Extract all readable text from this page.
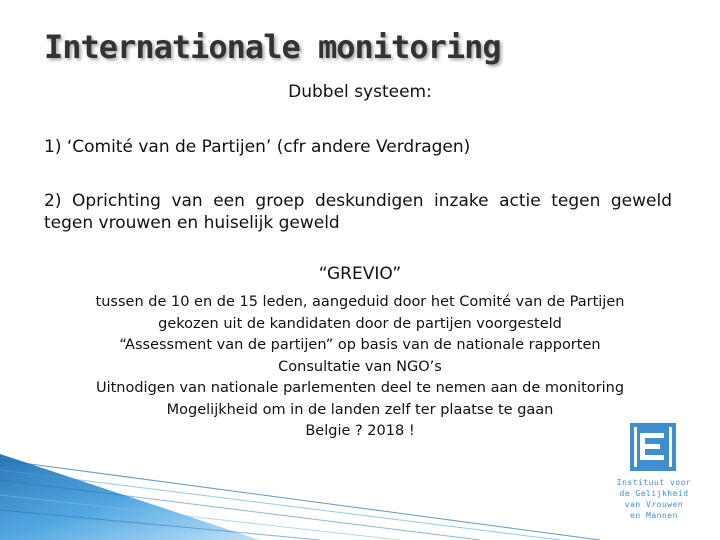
Internationale monitoring
Dubbel systeem:
1) ‘Comité van de Partijen’ (cfr andere Verdragen)
2) Oprichting van een groep deskundigen inzake actie tegen geweld tegen vrouwen en huiselijk geweld
“GREVIO”
tussen de 10 en de 15 leden, aangeduid door het Comité van de Partijen
gekozen uit de kandidaten door de partijen voorgesteld
“Assessment van de partijen” op basis van de nationale rapporten
Consultatie van NGO’s
Uitnodigen van nationale parlementen deel te nemen aan de monitoring
Mogelijkheid om in de landen zelf ter plaatse te gaan
Belgie ? 2018 !
Instituut voor
de Gelijkheid
van Vrouwen
en Mannen
